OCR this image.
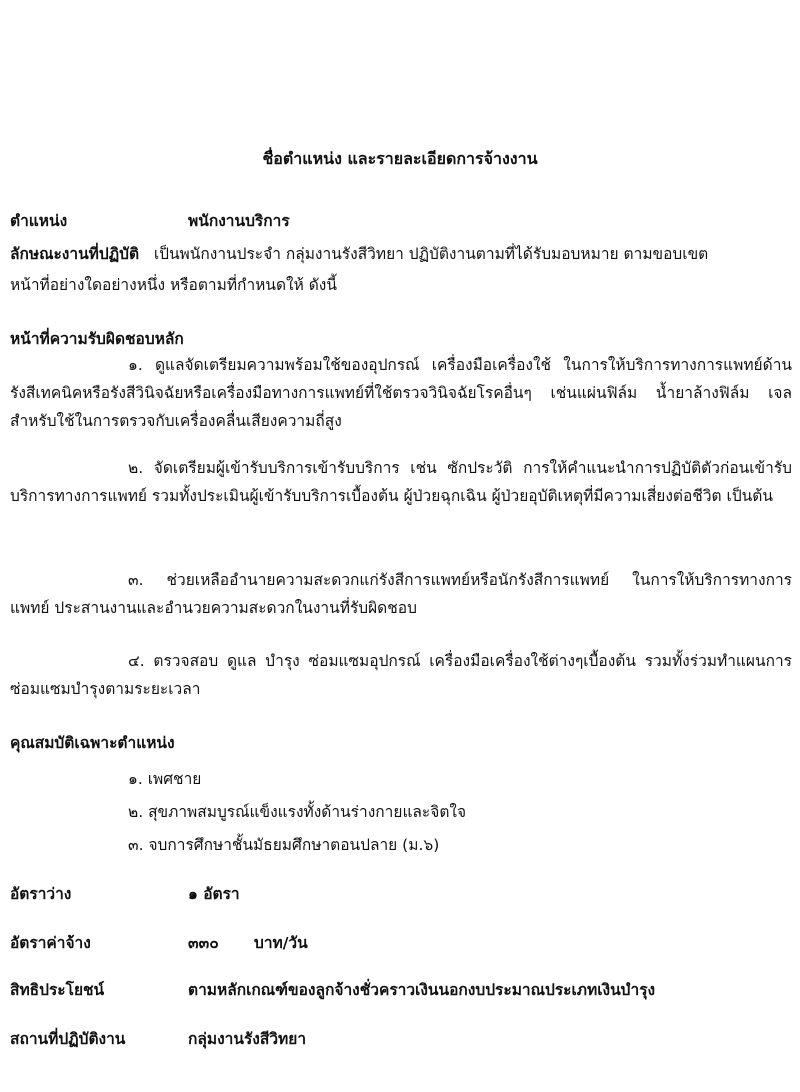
ชื่อตำแหน่ง และรายละเอียดการจ้างงาน
ตำแหน่ง	พนักงานบริการ
ลักษณะงานที่ปฏิบัติ เป็นพนักงานประจำ กลุ่มงานรังสีวิทยา ปฏิบัติงานตามที่ได้รับมอบหมาย ตามขอบเขต
หน้าที่อย่างใดอย่างหนึ่ง หรือตามที่กำหนดให้ ดังนี้
หน้าที่ความรับผิดชอบหลัก
๑. ดูแลจัดเตรียมความพร้อมใช้ของอุปกรณ์ เครื่องมือเครื่องใช้ ในการให้บริการทางการแพทย์ด้านรังสีเทคนิคหรือรังสีวินิจฉัยหรือเครื่องมือทางการแพทย์ที่ใช้ตรวจวินิจฉัยโรคอื่นๆ เช่นแผ่นฟิล์ม น้ำยาล้างฟิล์ม เจลสำหรับใช้ในการตรวจกับเครื่องคลื่นเสียงความถี่สูง
๒. จัดเตรียมผู้เข้ารับบริการเข้ารับบริการ เช่น ซักประวัติ การให้คำแนะนำการปฏิบัติตัวก่อนเข้ารับบริการทางการแพทย์ รวมทั้งประเมินผู้เข้ารับบริการเบื้องต้น ผู้ป่วยฉุกเฉิน ผู้ป่วยอุบัติเหตุที่มีความเสี่ยงต่อชีวิต เป็นต้น
๓. ช่วยเหลืออำนายความสะดวกแก่รังสีการแพทย์หรือนักรังสีการแพทย์ ในการให้บริการทางการแพทย์ ประสานงานและอำนวยความสะดวกในงานที่รับผิดชอบ
๔. ตรวจสอบ ดูแล บำรุง ซ่อมแซมอุปกรณ์ เครื่องมือเครื่องใช้ต่างๆเบื้องต้น รวมทั้งร่วมทำแผนการซ่อมแซมบำรุงตามระยะเวลา
คุณสมบัติเฉพาะตำแหน่ง
๑. เพศชาย
๒. สุขภาพสมบูรณ์แข็งแรงทั้งด้านร่างกายและจิตใจ
๓. จบการศึกษาชั้นมัธยมศึกษาตอนปลาย (ม.๖)
อัตราว่าง	๑ อัตรา
อัตราค่าจ้าง	๓๓๐ บาท/วัน
สิทธิประโยชน์	ตามหลักเกณฑ์ของลูกจ้างชั่วคราวเงินนอกงบประมาณประเภทเงินบำรุง
สถานที่ปฏิบัติงาน	กลุ่มงานรังสีวิทยา
